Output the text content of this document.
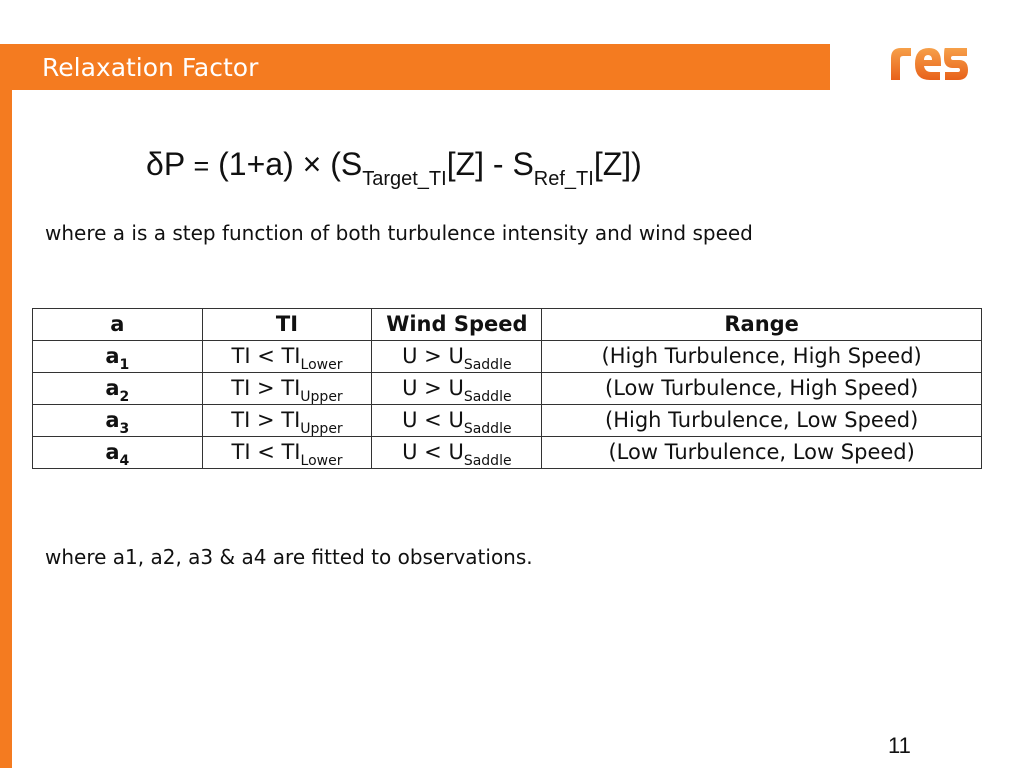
Relaxation Factor
$\delta P = (1+a) \times (S_{Target\_TI}[Z] - S_{Ref\_TI}[Z])$
where a is a step function of both turbulence intensity and wind speed
a	TI	Wind Speed	Range
$a_1$	TI < $TI_{Lower}$	$U > U_{Saddle}$	(High Turbulence, High Speed)
$a_2$	TI > $TI_{Upper}$	$U > U_{Saddle}$	(Low Turbulence, High Speed)
$a_3$	TI > $TI_{Upper}$	$U < U_{Saddle}$	(High Turbulence, Low Speed)
$a_4$	TI < $TI_{Lower}$	$U < U_{Saddle}$	(Low Turbulence, Low Speed)
where a1, a2, a3 & a4 are fitted to observations.
11
